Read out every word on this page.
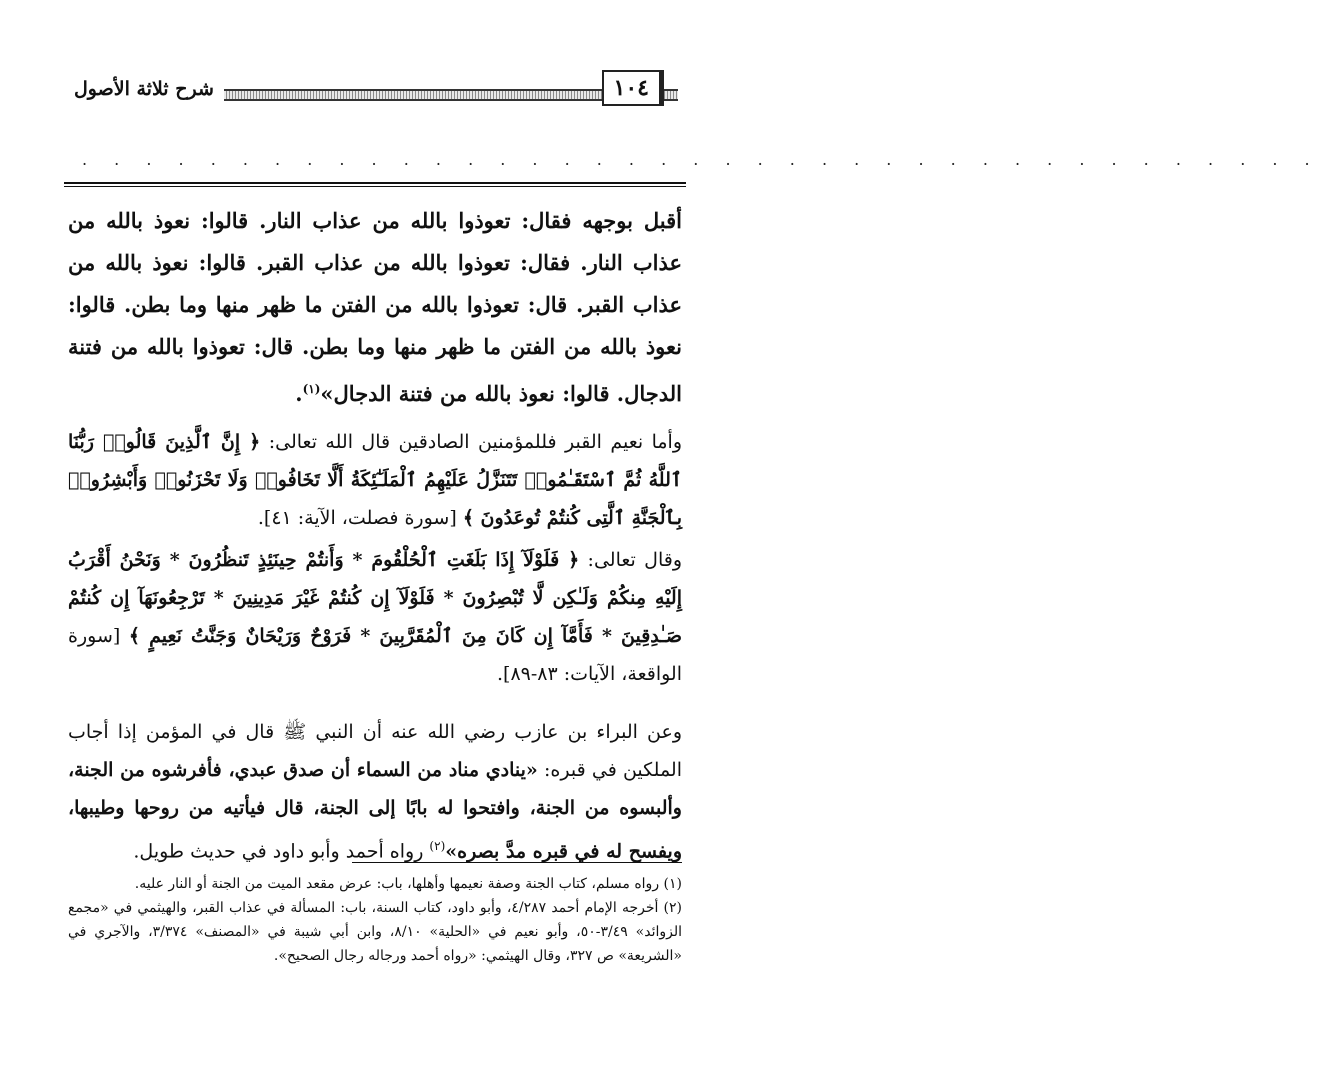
شرح ثلاثة الأصول	١٠٤
. . . . . . . . . . . . . . . . . . . . . . . . . . . . . . . . . . . . . . .

أقبل بوجهه فقال: تعوذوا بالله من عذاب النار. قالوا: نعوذ بالله من عذاب النار. فقال: تعوذوا بالله من عذاب القبر. قالوا: نعوذ بالله من عذاب القبر. قال: تعوذوا بالله من الفتن ما ظهر منها وما بطن. قالوا: نعوذ بالله من الفتن ما ظهر منها وما بطن. قال: تعوذوا بالله من فتنة الدجال. قالوا: نعوذ بالله من فتنة الدجال»$^{(١)}$.

وأما نعيم القبر فللمؤمنين الصادقين قال الله تعالى: ﴿ إِنَّ ٱلَّذِينَ قَالُوا۟ رَبُّنَا ٱللَّهُ ثُمَّ ٱسْتَقَـٰمُوا۟ تَتَنَزَّلُ عَلَيْهِمُ ٱلْمَلَـٰٓئِكَةُ أَلَّا تَخَافُوا۟ وَلَا تَحْزَنُوا۟ وَأَبْشِرُوا۟ بِٱلْجَنَّةِ ٱلَّتِى كُنتُمْ تُوعَدُونَ ﴾ [سورة فصلت، الآية: ٤١].

وقال تعالى: ﴿ فَلَوْلَآ إِذَا بَلَغَتِ ٱلْحُلْقُومَ * وَأَنتُمْ حِينَئِذٍ تَنظُرُونَ * وَنَحْنُ أَقْرَبُ إِلَيْهِ مِنكُمْ وَلَـٰكِن لَّا تُبْصِرُونَ * فَلَوْلَآ إِن كُنتُمْ غَيْرَ مَدِينِينَ * تَرْجِعُونَهَآ إِن كُنتُمْ صَـٰدِقِينَ * فَأَمَّآ إِن كَانَ مِنَ ٱلْمُقَرَّبِينَ * فَرَوْحٌ وَرَيْحَانٌ وَجَنَّتُ نَعِيمٍ ﴾ [سورة الواقعة، الآيات: ٨٣-٨٩].

وعن البراء بن عازب رضي الله عنه أن النبي ﷺ قال في المؤمن إذا أجاب الملكين في قبره: «ينادي مناد من السماء أن صدق عبدي، فأفرشوه من الجنة، وألبسوه من الجنة، وافتحوا له بابًا إلى الجنة، قال فيأتيه من روحها وطيبها، ويفسح له في قبره مدَّ بصره»$^{(٢)}$ رواه أحمد وأبو داود في حديث طويل.

(١) رواه مسلم، كتاب الجنة وصفة نعيمها وأهلها، باب: عرض مقعد الميت من الجنة أو النار عليه.

(٢) أخرجه الإمام أحمد ٤/٢٨٧، وأبو داود، كتاب السنة، باب: المسألة في عذاب القبر، والهيثمي في «مجمع الزوائد» ٣/٤٩-٥٠، وأبو نعيم في «الحلية» ٨/١٠، وابن أبي شيبة في «المصنف» ٣/٣٧٤، والآجري في «الشريعة» ص ٣٢٧، وقال الهيثمي: «رواه أحمد ورجاله رجال الصحيح».
